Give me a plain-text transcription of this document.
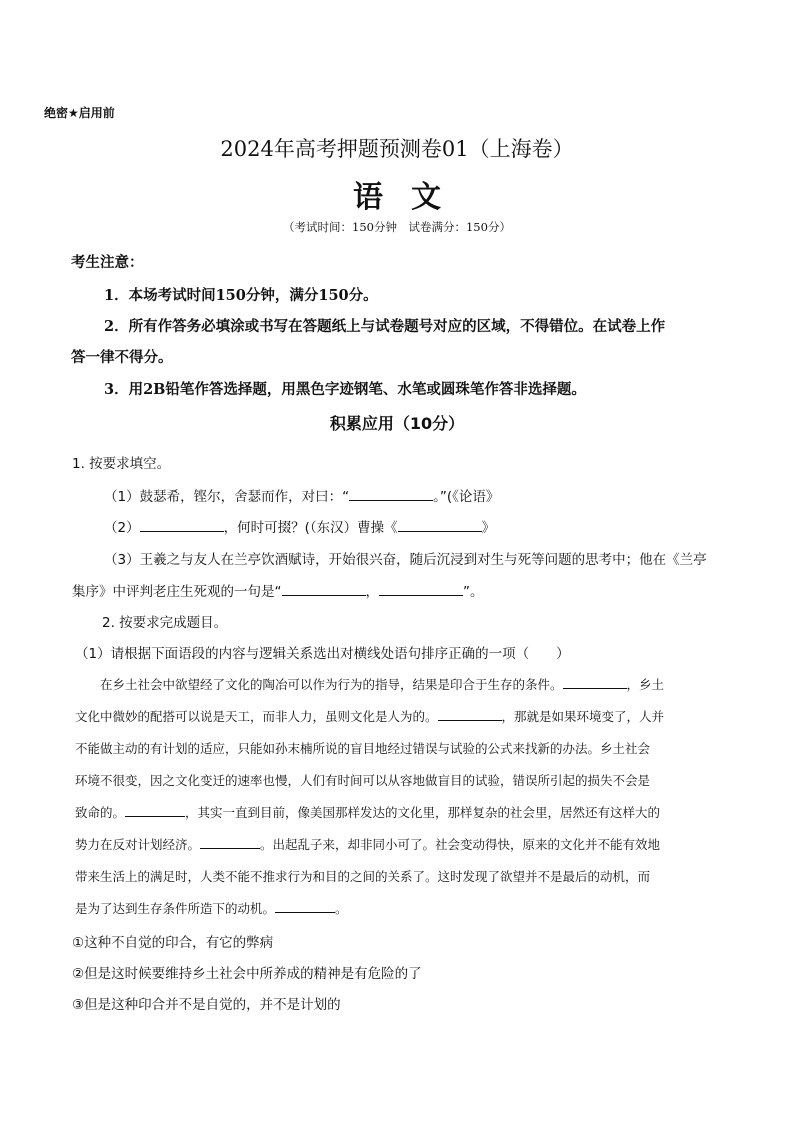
绝密★启用前
2024年高考押题预测卷01（上海卷）
语文
（考试时间：150分钟　试卷满分：150分）
考生注意：
1．本场考试时间150分钟，满分150分。
2．所有作答务必填涂或书写在答题纸上与试卷题号对应的区域，不得错位。在试卷上作
答一律不得分。
3．用2B铅笔作答选择题，用黑色字迹钢笔、水笔或圆珠笔作答非选择题。
积累应用（10分）
1. 按要求填空。
（1）鼓瑟希，铿尔，舍瑟而作，对曰：“	。”(《论语》
（2）	，何时可掇？(（东汉）曹操《	》
（3）王羲之与友人在兰亭饮酒赋诗，开始很兴奋，随后沉浸到对生与死等问题的思考中；他在《兰亭
集序》中评判老庄生死观的一句是“	，	”。
2. 按要求完成题目。
（1）请根据下面语段的内容与逻辑关系选出对横线处语句排序正确的一项（　　）
在乡土社会中欲望经了文化的陶冶可以作为行为的指导，结果是印合于生存的条件。	，乡土
文化中微妙的配搭可以说是天工，而非人力，虽则文化是人为的。	，那就是如果环境变了，人并
不能做主动的有计划的适应，只能如孙末楠所说的盲目地经过错误与试验的公式来找新的办法。乡土社会
环境不很变，因之文化变迁的速率也慢，人们有时间可以从容地做盲目的试验，错误所引起的损失不会是
致命的。	，其实一直到目前，像美国那样发达的文化里，那样复杂的社会里，居然还有这样大的
势力在反对计划经济。	。出起乱子来，却非同小可了。社会变动得快，原来的文化并不能有效地
带来生活上的满足时，人类不能不推求行为和目的之间的关系了。这时发现了欲望并不是最后的动机，而
是为了达到生存条件所造下的动机。	。
①这种不自觉的印合，有它的弊病
②但是这时候要维持乡土社会中所养成的精神是有危险的了
③但是这种印合并不是自觉的，并不是计划的
